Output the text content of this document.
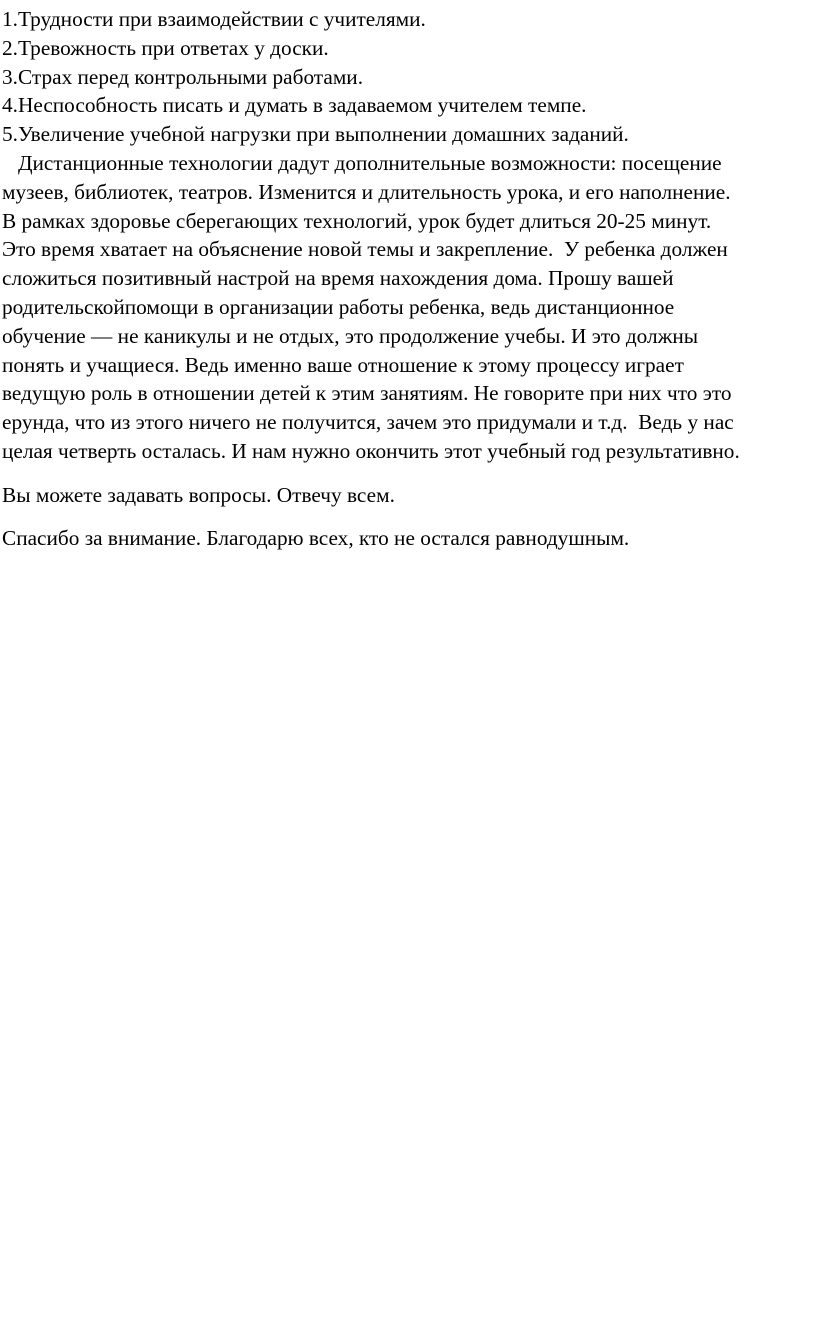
1.Трудности при взаимодействии с учителями.
2.Тревожность при ответах у доски.
3.Страх перед контрольными работами.
4.Неспособность писать и думать в задаваемом учителем темпе.
5.Увеличение учебной нагрузки при выполнении домашних заданий.
Дистанционные технологии дадут дополнительные возможности: посещение
музеев, библиотек, театров. Изменится и длительность урока, и его наполнение.
В рамках здоровье сберегающих технологий, урок будет длиться 20-25 минут.
Это время хватает на объяснение новой темы и закрепление.  У ребенка должен
сложиться позитивный настрой на время нахождения дома. Прошу вашей
родительскойпомощи в организации работы ребенка, ведь дистанционное
обучение — не каникулы и не отдых, это продолжение учебы. И это должны
понять и учащиеся. Ведь именно ваше отношение к этому процессу играет
ведущую роль в отношении детей к этим занятиям. Не говорите при них что это
ерунда, что из этого ничего не получится, зачем это придумали и т.д.  Ведь у нас
целая четверть осталась. И нам нужно окончить этот учебный год результативно.

Вы можете задавать вопросы. Отвечу всем.

Спасибо за внимание. Благодарю всех, кто не остался равнодушным.
